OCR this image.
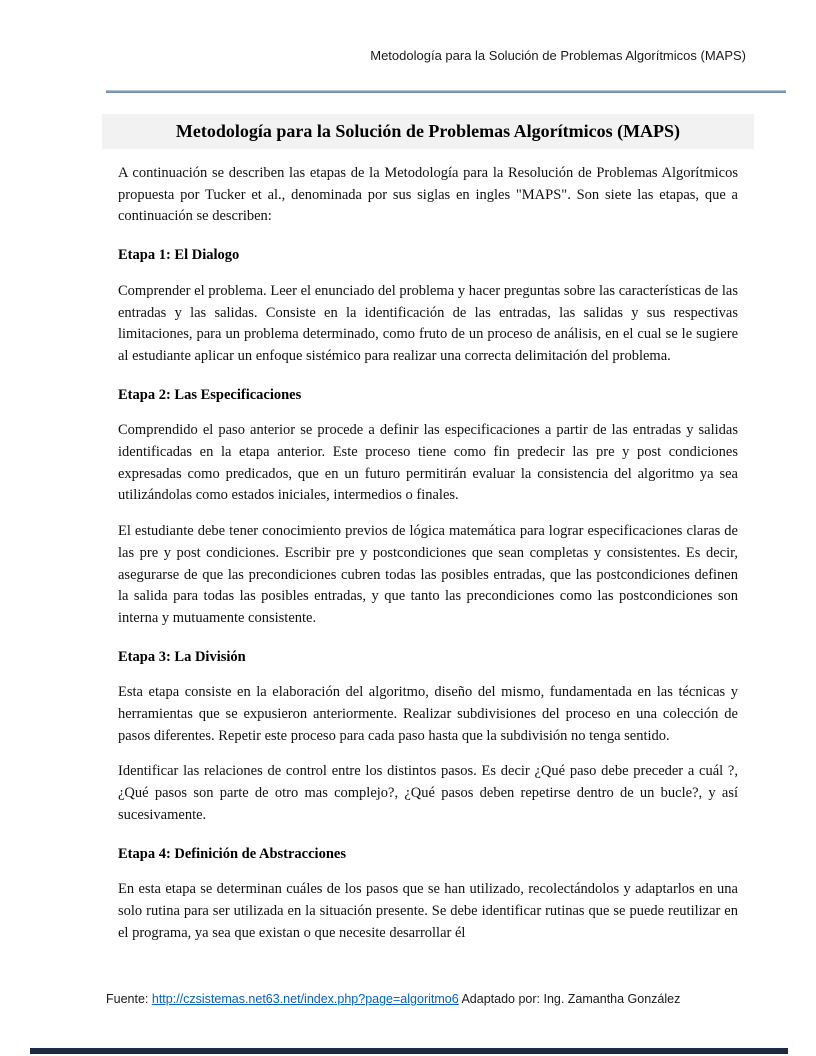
Metodología para la Solución de Problemas Algorítmicos (MAPS)
Metodología para la Solución de Problemas Algorítmicos (MAPS)

A continuación se describen las etapas de la Metodología para la Resolución de Problemas Algorítmicos propuesta por Tucker et al., denominada por sus siglas en ingles "MAPS". Son siete las etapas, que a continuación se describen:

Etapa 1: El Dialogo

Comprender el problema. Leer el enunciado del problema y hacer preguntas sobre las características de las entradas y las salidas. Consiste en la identificación de las entradas, las salidas y sus respectivas limitaciones, para un problema determinado, como fruto de un proceso de análisis, en el cual se le sugiere al estudiante aplicar un enfoque sistémico para realizar una correcta delimitación del problema.

Etapa 2: Las Especificaciones

Comprendido el paso anterior se procede a definir las especificaciones a partir de las entradas y salidas identificadas en la etapa anterior. Este proceso tiene como fin predecir las pre y post condiciones expresadas como predicados, que en un futuro permitirán evaluar la consistencia del algoritmo ya sea utilizándolas como estados iniciales, intermedios o finales.

El estudiante debe tener conocimiento previos de lógica matemática para lograr especificaciones claras de las pre y post condiciones. Escribir pre y postcondiciones que sean completas y consistentes. Es decir, asegurarse de que las precondiciones cubren todas las posibles entradas, que las postcondiciones definen la salida para todas las posibles entradas, y que tanto las precondiciones como las postcondiciones son interna y mutuamente consistente.

Etapa 3: La División

Esta etapa consiste en la elaboración del algoritmo, diseño del mismo, fundamentada en las técnicas y herramientas que se expusieron anteriormente. Realizar subdivisiones del proceso en una colección de pasos diferentes. Repetir este proceso para cada paso hasta que la subdivisión no tenga sentido.

Identificar las relaciones de control entre los distintos pasos. Es decir ¿Qué paso debe preceder a cuál ?, ¿Qué pasos son parte de otro mas complejo?, ¿Qué pasos deben repetirse dentro de un bucle?, y así sucesivamente.

Etapa 4: Definición de Abstracciones

En esta etapa se determinan cuáles de los pasos que se han utilizado, recolectándolos y adaptarlos en una solo rutina para ser utilizada en la situación presente. Se debe identificar rutinas que se puede reutilizar en el programa, ya sea que existan o que necesite desarrollar él

Fuente: http://czsistemas.net63.net/index.php?page=algoritmo6 Adaptado por: Ing. Zamantha González
